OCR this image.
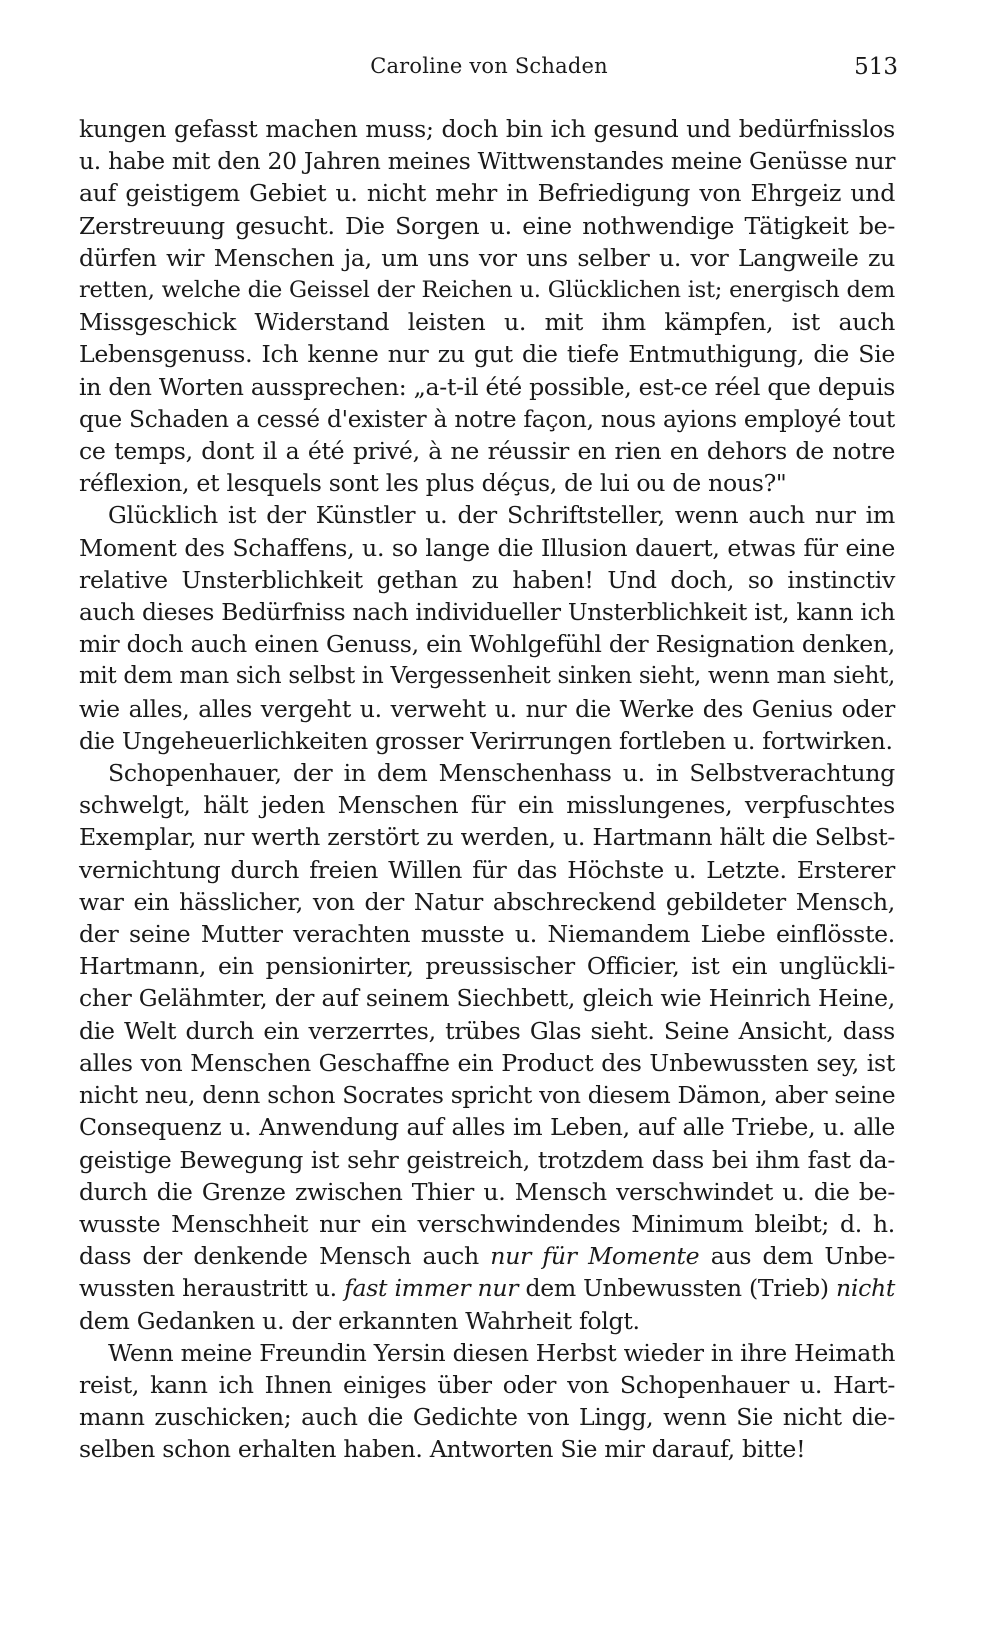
Caroline von Schaden	513
kungen gefasst machen muss; doch bin ich gesund und bedürfnisslos
u. habe mit den 20 Jahren meines Wittwenstandes meine Genüsse nur
auf geistigem Gebiet u. nicht mehr in Befriedigung von Ehrgeiz und
Zerstreuung gesucht. Die Sorgen u. eine nothwendige Tätigkeit be-
dürfen wir Menschen ja, um uns vor uns selber u. vor Langweile zu
retten, welche die Geissel der Reichen u. Glücklichen ist; energisch dem
Missgeschick Widerstand leisten u. mit ihm kämpfen, ist auch
Lebensgenuss. Ich kenne nur zu gut die tiefe Entmuthigung, die Sie
in den Worten aussprechen: „a-t-il été possible, est-ce réel que depuis
que Schaden a cessé d'exister à notre façon, nous ayions employé tout
ce temps, dont il a été privé, à ne réussir en rien en dehors de notre
réflexion, et lesquels sont les plus déçus, de lui ou de nous?"
Glücklich ist der Künstler u. der Schriftsteller, wenn auch nur im
Moment des Schaffens, u. so lange die Illusion dauert, etwas für eine
relative Unsterblichkeit gethan zu haben! Und doch, so instinctiv
auch dieses Bedürfniss nach individueller Unsterblichkeit ist, kann ich
mir doch auch einen Genuss, ein Wohlgefühl der Resignation denken,
mit dem man sich selbst in Vergessenheit sinken sieht, wenn man sieht,
wie alles, alles vergeht u. verweht u. nur die Werke des Genius oder
die Ungeheuerlichkeiten grosser Verirrungen fortleben u. fortwirken.
Schopenhauer, der in dem Menschenhass u. in Selbstverachtung
schwelgt, hält jeden Menschen für ein misslungenes, verpfuschtes
Exemplar, nur werth zerstört zu werden, u. Hartmann hält die Selbst-
vernichtung durch freien Willen für das Höchste u. Letzte. Ersterer
war ein hässlicher, von der Natur abschreckend gebildeter Mensch,
der seine Mutter verachten musste u. Niemandem Liebe einflösste.
Hartmann, ein pensionirter, preussischer Officier, ist ein unglückli-
cher Gelähmter, der auf seinem Siechbett, gleich wie Heinrich Heine,
die Welt durch ein verzerrtes, trübes Glas sieht. Seine Ansicht, dass
alles von Menschen Geschaffne ein Product des Unbewussten sey, ist
nicht neu, denn schon Socrates spricht von diesem Dämon, aber seine
Consequenz u. Anwendung auf alles im Leben, auf alle Triebe, u. alle
geistige Bewegung ist sehr geistreich, trotzdem dass bei ihm fast da-
durch die Grenze zwischen Thier u. Mensch verschwindet u. die be-
wusste Menschheit nur ein verschwindendes Minimum bleibt; d. h.
dass der denkende Mensch auch nur für Momente aus dem Unbe-
wussten heraustritt u. fast immer nur dem Unbewussten (Trieb) nicht
dem Gedanken u. der erkannten Wahrheit folgt.
Wenn meine Freundin Yersin diesen Herbst wieder in ihre Heimath
reist, kann ich Ihnen einiges über oder von Schopenhauer u. Hart-
mann zuschicken; auch die Gedichte von Lingg, wenn Sie nicht die-
selben schon erhalten haben. Antworten Sie mir darauf, bitte!
